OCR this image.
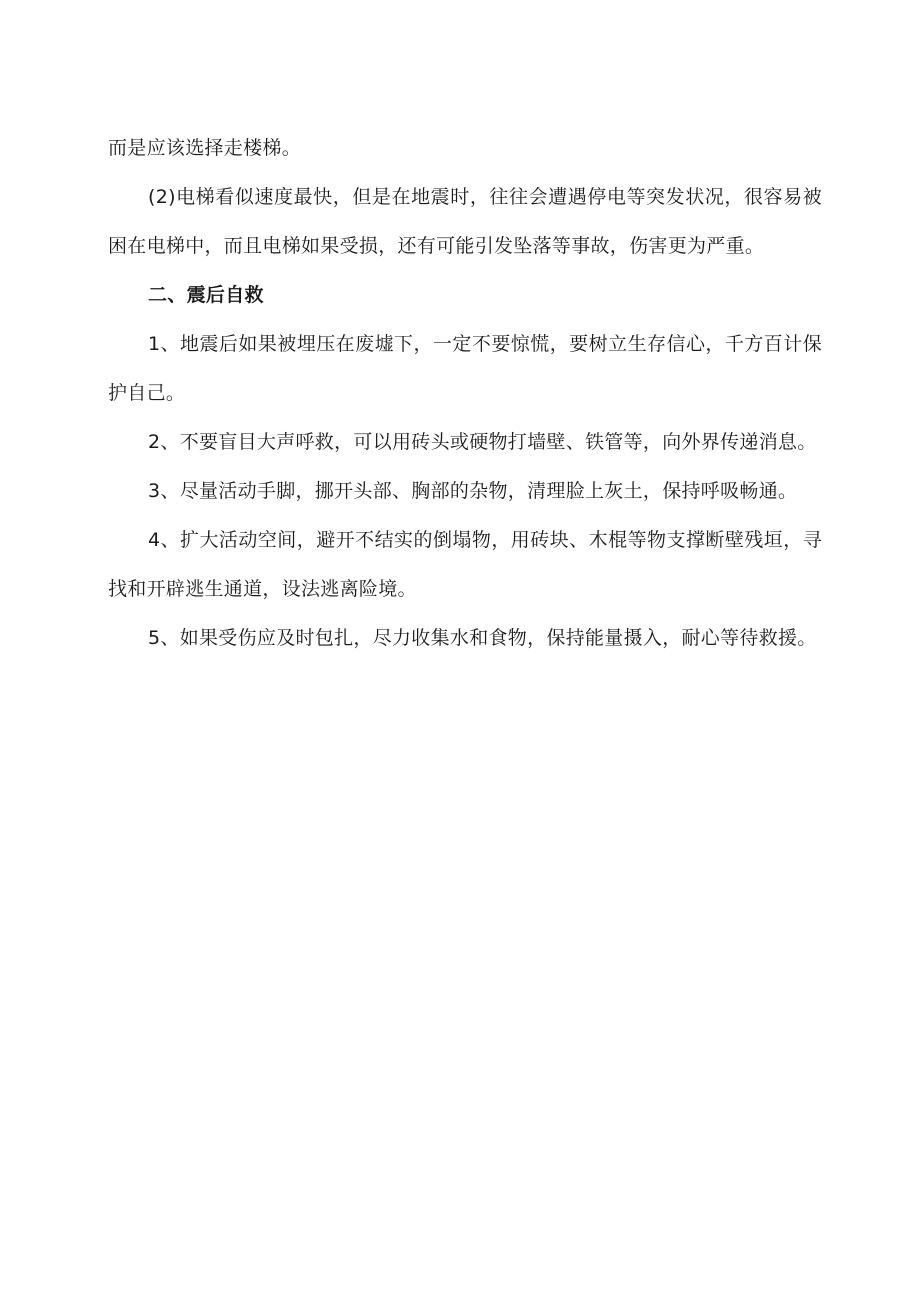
而是应该选择走楼梯。

(2)电梯看似速度最快，但是在地震时，往往会遭遇停电等突发状况，很容易被困在电梯中，而且电梯如果受损，还有可能引发坠落等事故，伤害更为严重。

二、震后自救

1、地震后如果被埋压在废墟下，一定不要惊慌，要树立生存信心，千方百计保护自己。

2、不要盲目大声呼救，可以用砖头或硬物打墙壁、铁管等，向外界传递消息。

3、尽量活动手脚，挪开头部、胸部的杂物，清理脸上灰土，保持呼吸畅通。

4、扩大活动空间，避开不结实的倒塌物，用砖块、木棍等物支撑断壁残垣，寻找和开辟逃生通道，设法逃离险境。

5、如果受伤应及时包扎，尽力收集水和食物，保持能量摄入，耐心等待救援。
